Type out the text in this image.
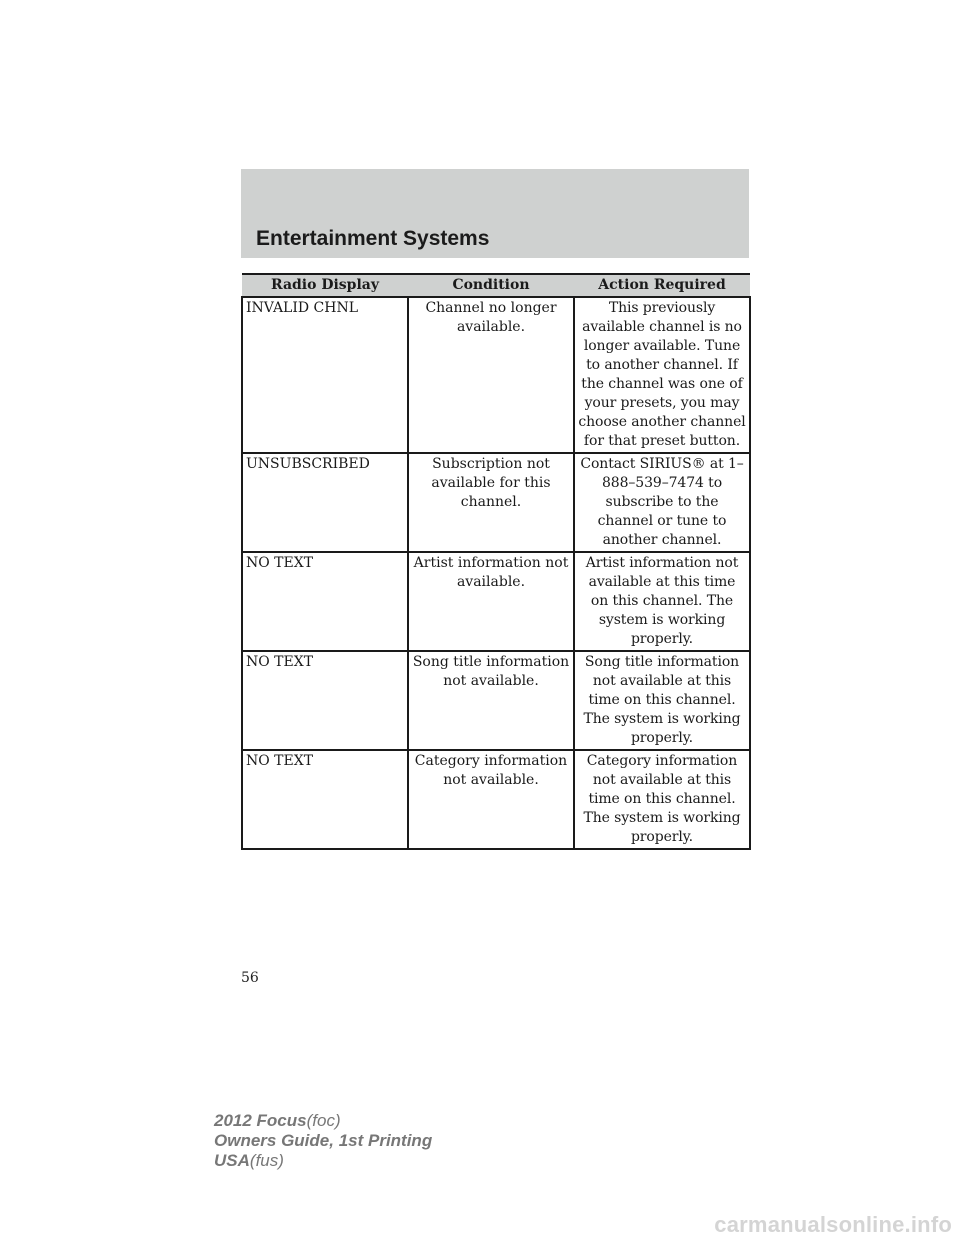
Entertainment Systems
Radio Display	Condition	Action Required
INVALID CHNL	Channel no longer available.	This previously available channel is no longer available. Tune to another channel. If the channel was one of your presets, you may choose another channel for that preset button.
UNSUBSCRIBED	Subscription not available for this channel.	Contact SIRIUS® at 1–888–539–7474 to subscribe to the channel or tune to another channel.
NO TEXT	Artist information not available.	Artist information not available at this time on this channel. The system is working properly.
NO TEXT	Song title information not available.	Song title information not available at this time on this channel. The system is working properly.
NO TEXT	Category information not available.	Category information not available at this time on this channel. The system is working properly.
56
2012 Focus(foc)
Owners Guide, 1st Printing
USA(fus)
carmanualsonline.info
